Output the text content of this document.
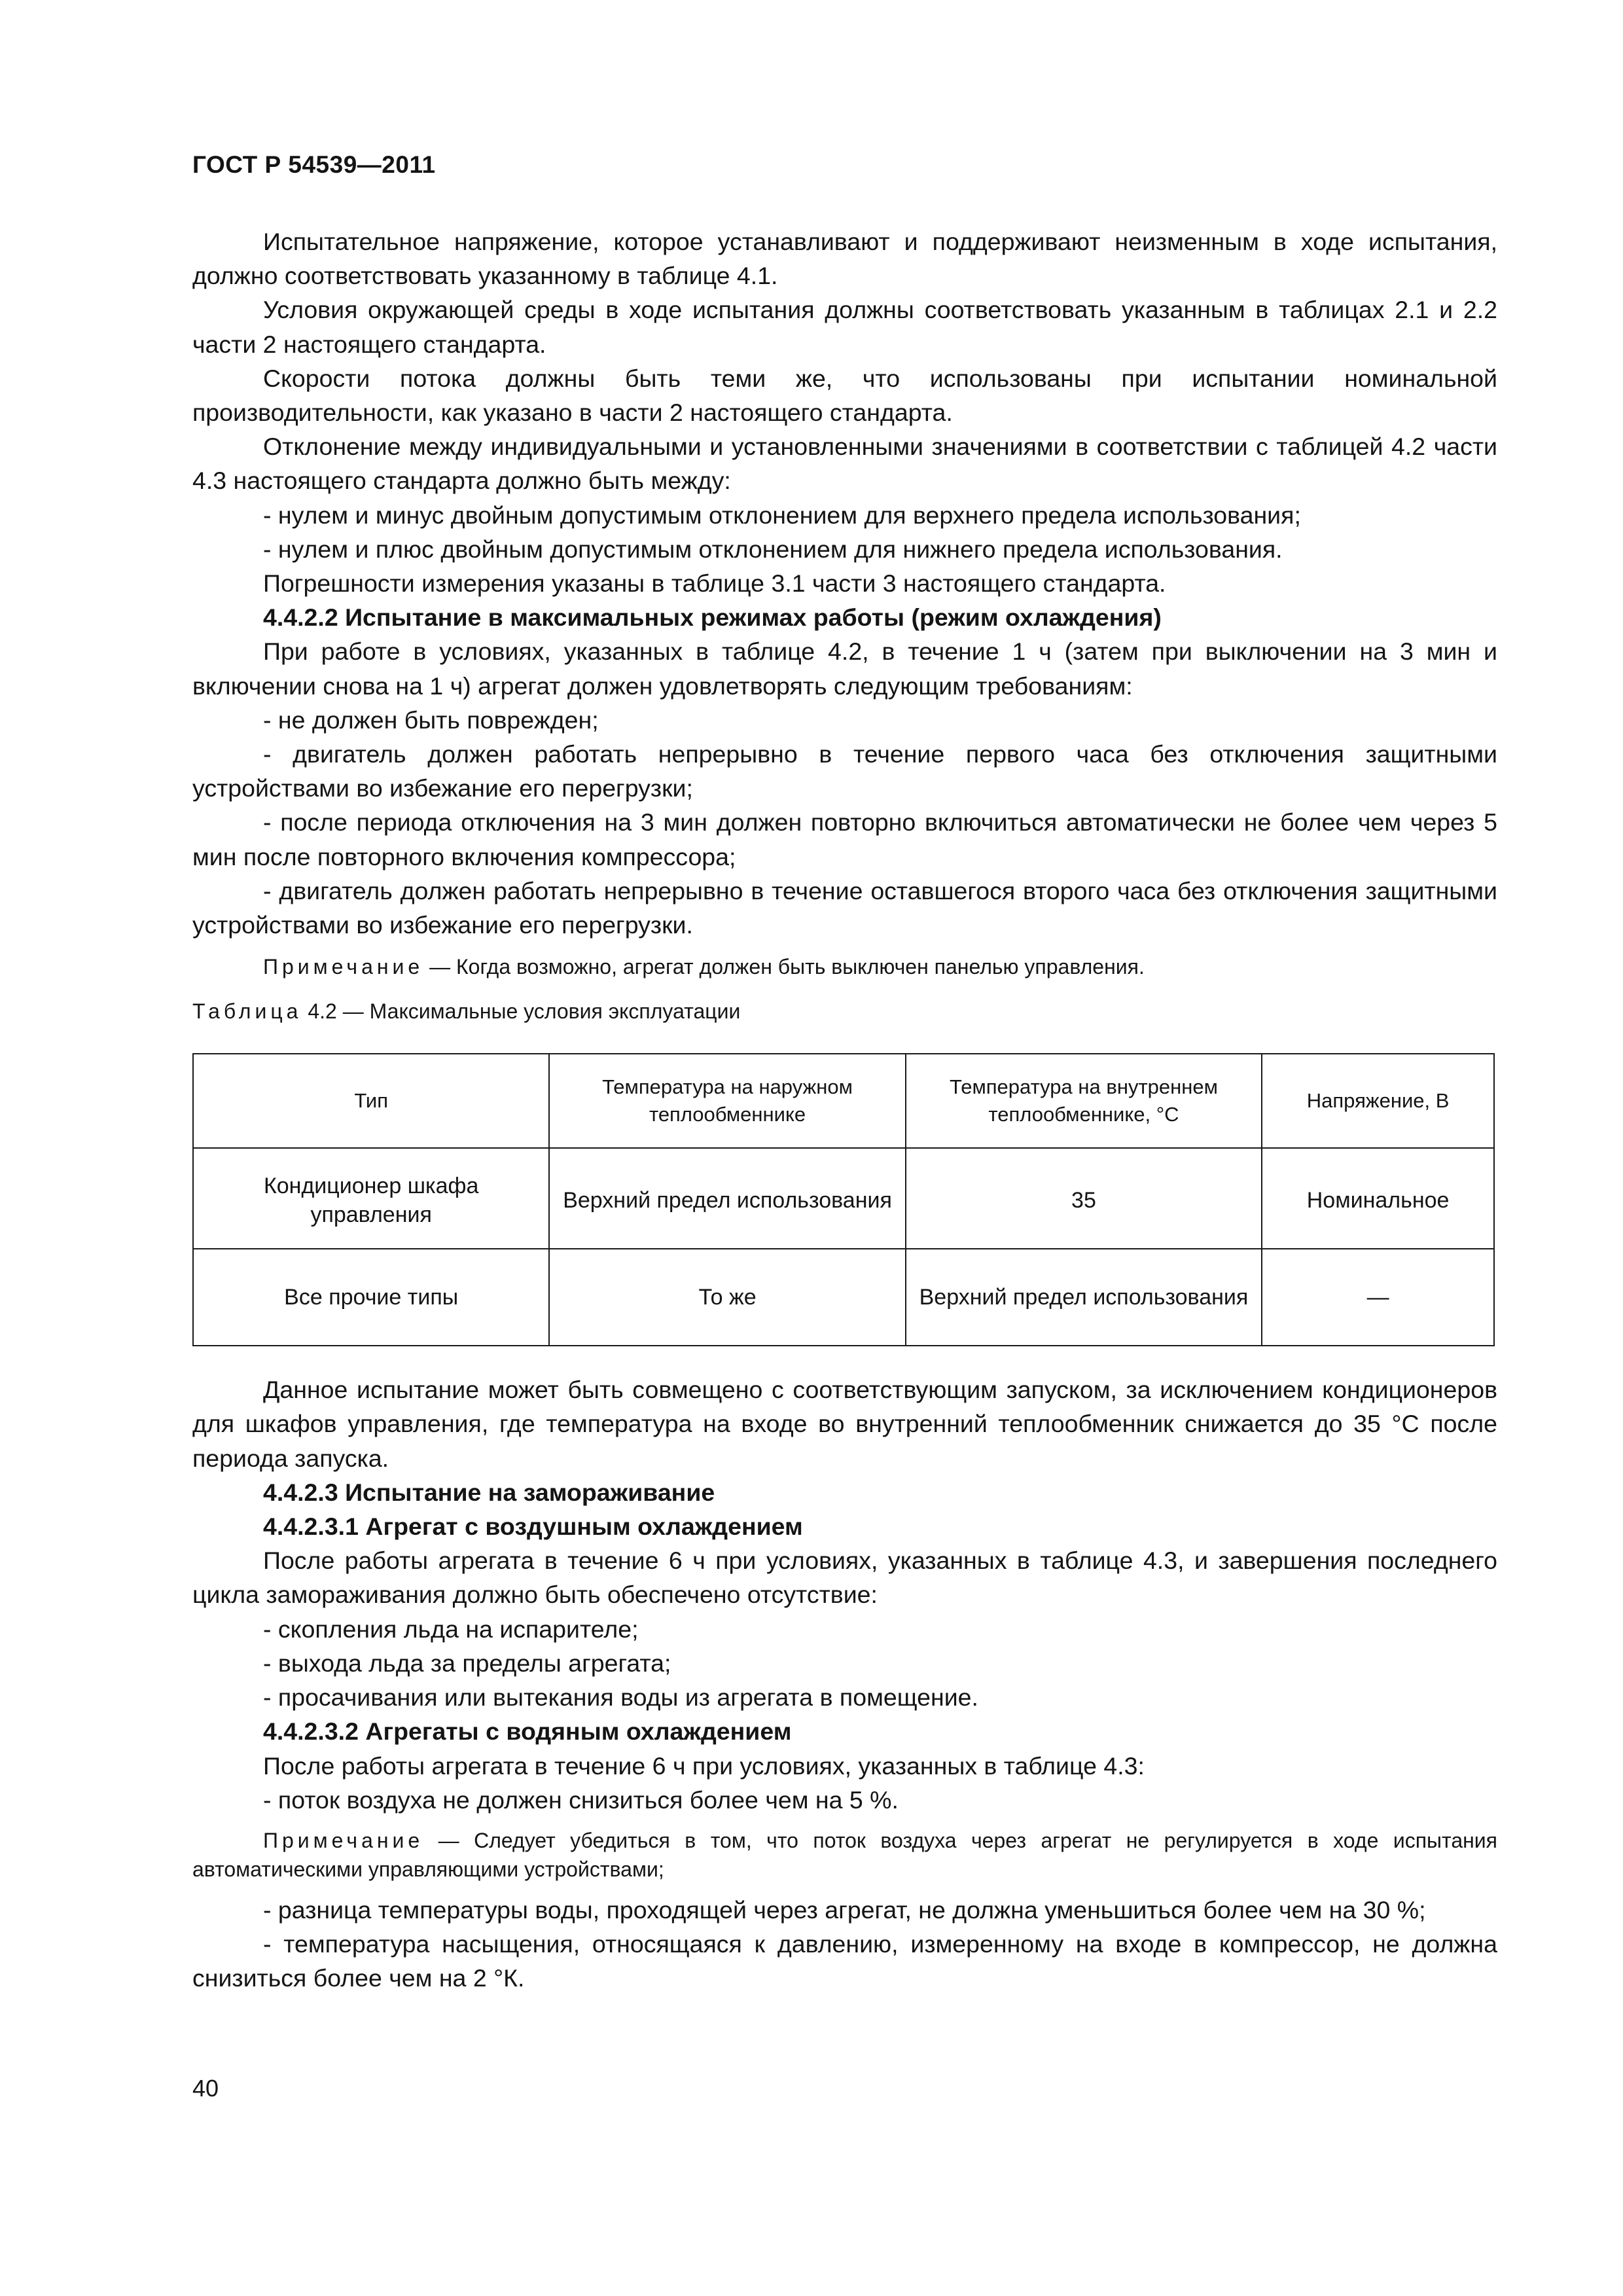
ГОСТ Р 54539—2011

Испытательное напряжение, которое устанавливают и поддерживают неизменным в ходе испытания, должно соответствовать указанному в таблице 4.1.

Условия окружающей среды в ходе испытания должны соответствовать указанным в таблицах 2.1 и 2.2 части 2 настоящего стандарта.

Скорости потока должны быть теми же, что использованы при испытании номинальной производительности, как указано в части 2 настоящего стандарта.

Отклонение между индивидуальными и установленными значениями в соответствии с таблицей 4.2 части 4.3 настоящего стандарта должно быть между:

- нулем и минус двойным допустимым отклонением для верхнего предела использования;

- нулем и плюс двойным допустимым отклонением для нижнего предела использования.

Погрешности измерения указаны в таблице 3.1 части 3 настоящего стандарта.

4.4.2.2 Испытание в максимальных режимах работы (режим охлаждения)

При работе в условиях, указанных в таблице 4.2, в течение 1 ч (затем при выключении на 3 мин и включении снова на 1 ч) агрегат должен удовлетворять следующим требованиям:

- не должен быть поврежден;

- двигатель должен работать непрерывно в течение первого часа без отключения защитными устройствами во избежание его перегрузки;

- после периода отключения на 3 мин должен повторно включиться автоматически не более чем через 5 мин после повторного включения компрессора;

- двигатель должен работать непрерывно в течение оставшегося второго часа без отключения защитными устройствами во избежание его перегрузки.

Примечание — Когда возможно, агрегат должен быть выключен панелью управления.

Таблица 4.2 — Максимальные условия эксплуатации

Тип	Температура на наружном теплообменнике	Температура на внутреннем теплообменнике, °С	Напряжение, В

Кондиционер шкафа управления	Верхний предел использования	35	Номинальное
Все прочие типы	То же	Верхний предел использования	—

Данное испытание может быть совмещено с соответствующим запуском, за исключением кондиционеров для шкафов управления, где температура на входе во внутренний теплообменник снижается до 35 °С после периода запуска.

4.4.2.3 Испытание на замораживание

4.4.2.3.1 Агрегат с воздушным охлаждением

После работы агрегата в течение 6 ч при условиях, указанных в таблице 4.3, и завершения последнего цикла замораживания должно быть обеспечено отсутствие:

- скопления льда на испарителе;

- выхода льда за пределы агрегата;

- просачивания или вытекания воды из агрегата в помещение.

4.4.2.3.2 Агрегаты с водяным охлаждением

После работы агрегата в течение 6 ч при условиях, указанных в таблице 4.3:

- поток воздуха не должен снизиться более чем на 5 %.

Примечание — Следует убедиться в том, что поток воздуха через агрегат не регулируется в ходе испытания автоматическими управляющими устройствами;

- разница температуры воды, проходящей через агрегат, не должна уменьшиться более чем на 30 %;

- температура насыщения, относящаяся к давлению, измеренному на входе в компрессор, не должна снизиться более чем на 2 °К.

40
